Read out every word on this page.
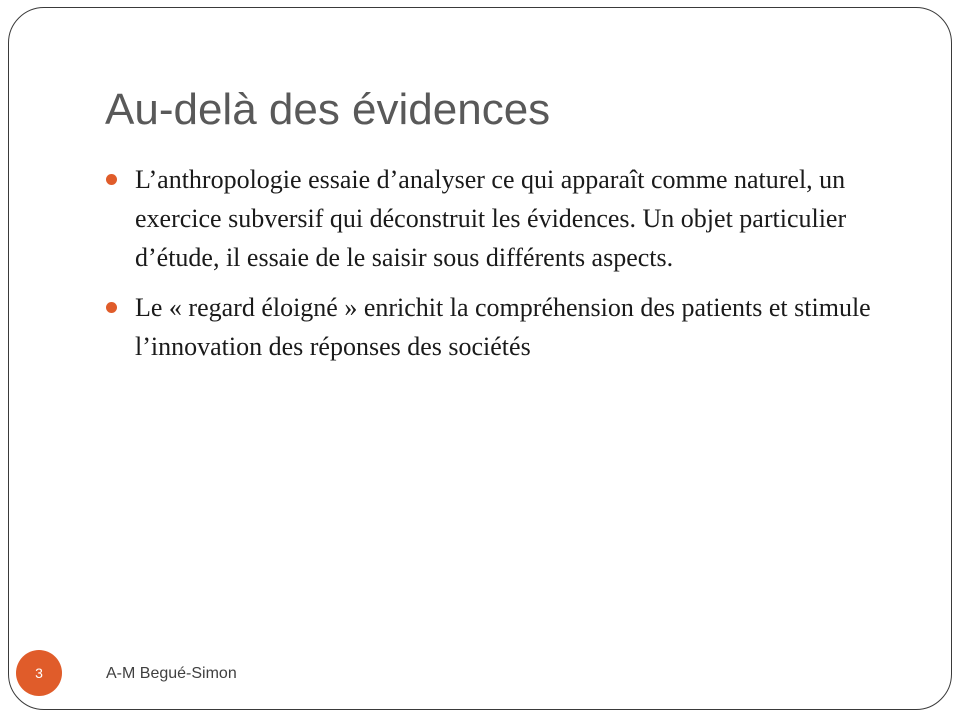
Au-delà des évidences
L’anthropologie essaie d’analyser ce qui apparaît comme naturel, un exercice subversif qui déconstruit les évidences. Un objet particulier d’étude, il essaie de le saisir sous différents aspects.
Le « regard éloigné » enrichit la compréhension des patients et stimule l’innovation des réponses des sociétés
3	A-M Begué-Simon
